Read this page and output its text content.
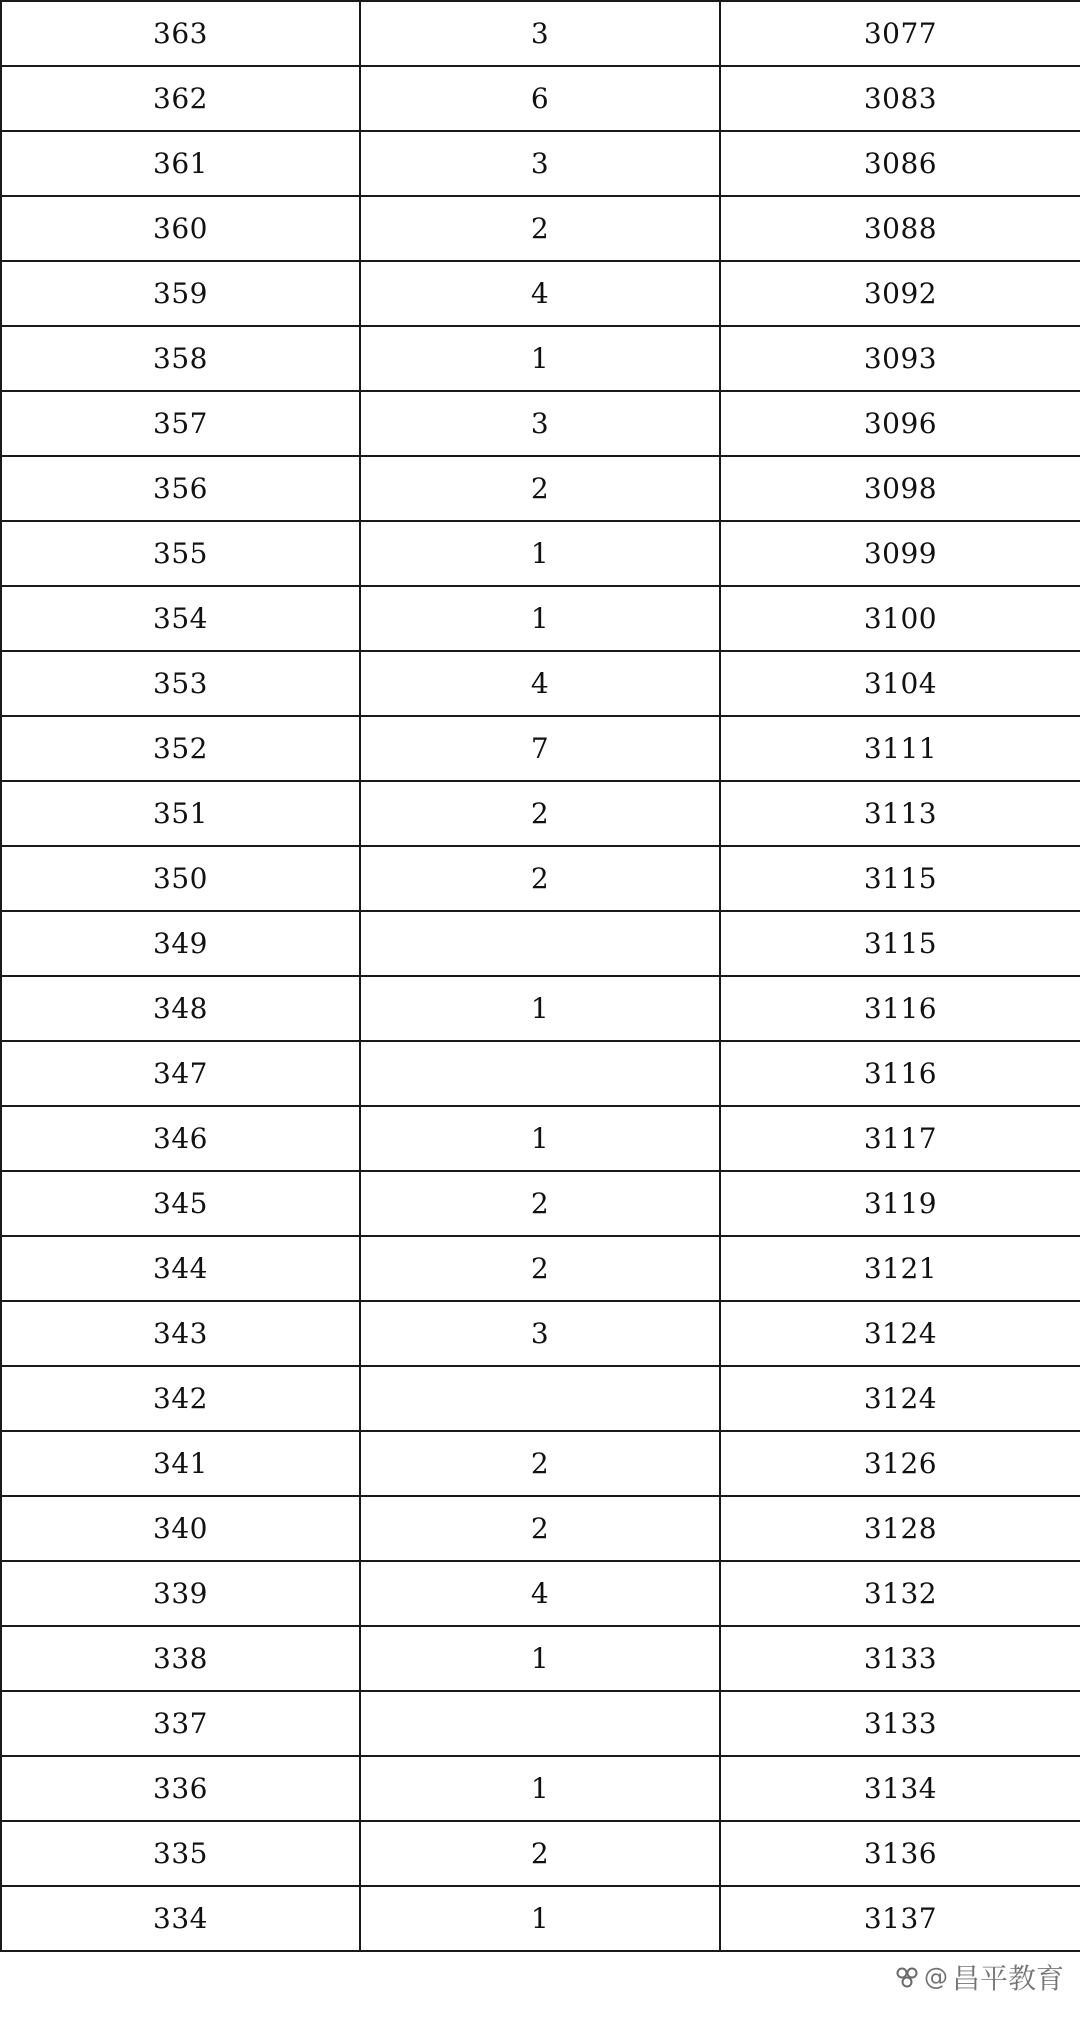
363	3	3077
362	6	3083
361	3	3086
360	2	3088
359	4	3092
358	1	3093
357	3	3096
356	2	3098
355	1	3099
354	1	3100
353	4	3104
352	7	3111
351	2	3113
350	2	3115
349		3115
348	1	3116
347		3116
346	1	3117
345	2	3119
344	2	3121
343	3	3124
342		3124
341	2	3126
340	2	3128
339	4	3132
338	1	3133
337		3133
336	1	3134
335	2	3136
334	1	3137
@ 昌平教育
